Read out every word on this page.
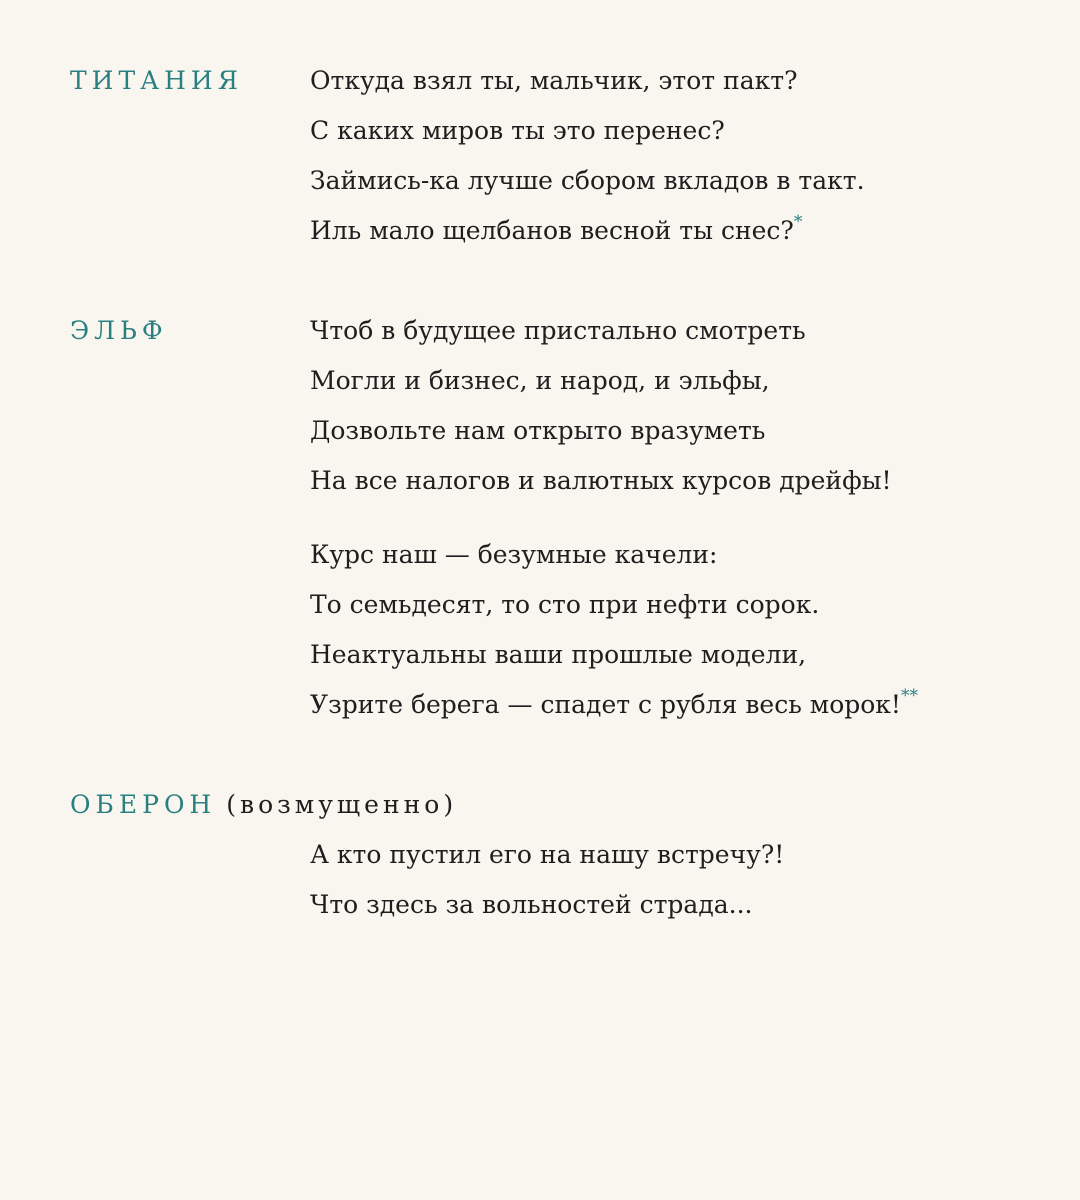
ТИТАНИЯ	Откуда взял ты, мальчик, этот пакт?
С каких миров ты это перенес?
Займись-ка лучше сбором вкладов в такт.
Иль мало щелбанов весной ты снес?*
ЭЛЬФ	Чтоб в будущее пристально смотреть
Могли и бизнес, и народ, и эльфы,
Дозвольте нам открыто вразуметь
На все налогов и валютных курсов дрейфы!
Курс наш — безумные качели:
То семьдесят, то сто при нефти сорок.
Неактуальны ваши прошлые модели,
Узрите берега — спадет с рубля весь морок!**
ОБЕРОН (возмущенно)
А кто пустил его на нашу встречу?!
Что здесь за вольностей страда...
